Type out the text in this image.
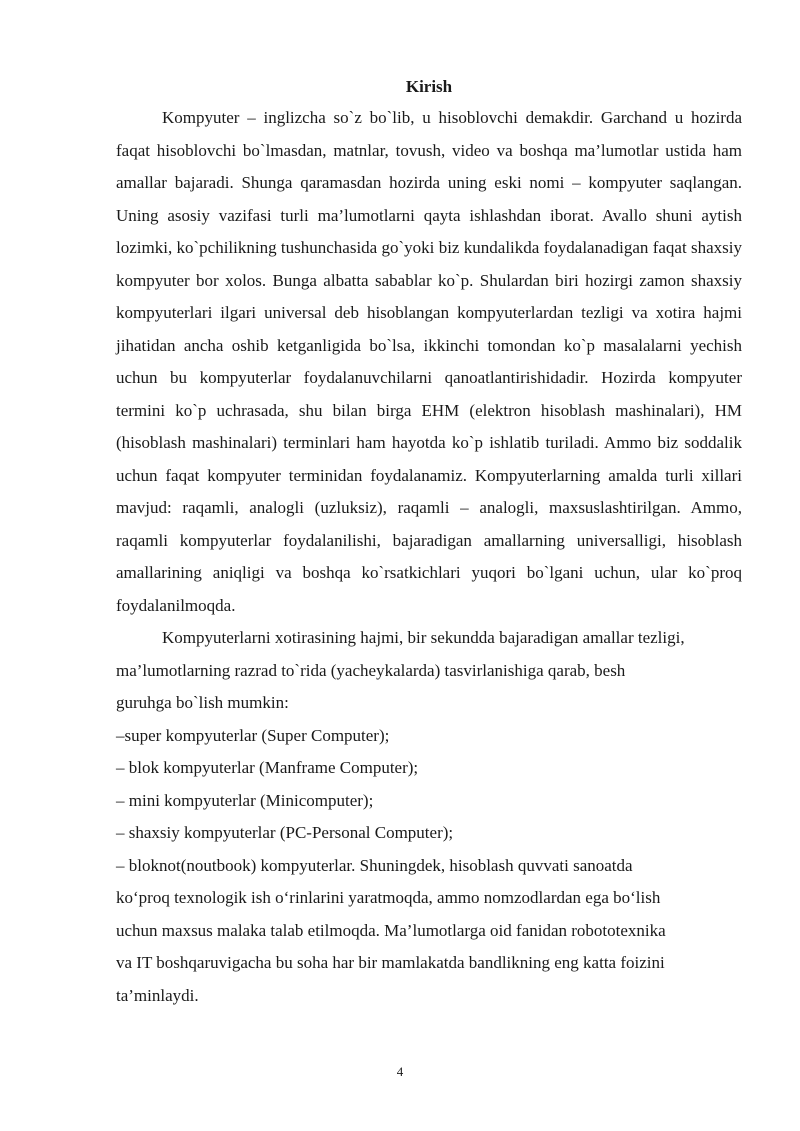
Kirish

Kompyuter – inglizcha so`z bo`lib, u hisoblovchi demakdir. Garchand u hozirda faqat hisoblovchi bo`lmasdan, matnlar, tovush, video va boshqa ma’lumotlar ustida ham amallar bajaradi. Shunga qaramasdan hozirda uning eski nomi – kompyuter saqlangan. Uning asosiy vazifasi turli ma’lumotlarni qayta ishlashdan iborat. Avallo shuni aytish lozimki, ko`pchilikning tushunchasida go`yoki biz kundalikda foydalanadigan faqat shaxsiy kompyuter bor xolos. Bunga albatta sabablar ko`p. Shulardan biri hozirgi zamon shaxsiy kompyuterlari ilgari universal deb hisoblangan kompyuterlardan tezligi va xotira hajmi jihatidan ancha oshib ketganligida bo`lsa, ikkinchi tomondan ko`p masalalarni yechish uchun bu kompyuterlar foydalanuvchilarni qanoatlantirishidadir. Hozirda kompyuter termini ko`p uchrasada, shu bilan birga EHM (elektron hisoblash mashinalari), HM (hisoblash mashinalari) terminlari ham hayotda ko`p ishlatib turiladi. Ammo biz soddalik uchun faqat kompyuter terminidan foydalanamiz. Kompyuterlarning amalda turli xillari mavjud: raqamli, analogli (uzluksiz), raqamli – analogli, maxsuslashtirilgan. Ammo, raqamli kompyuterlar foydalanilishi, bajaradigan amallarning universalligi, hisoblash amallarining aniqligi va boshqa ko`rsatkichlari yuqori bo`lgani uchun, ular ko`proq foydalanilmoqda.

Kompyuterlarni xotirasining hajmi, bir sekundda bajaradigan amallar tezligi,

ma’lumotlarning razrad to`rida (yacheykalarda) tasvirlanishiga qarab, besh

guruhga bo`lish mumkin:

–super kompyuterlar (Super Computer);

– blok kompyuterlar (Manframe Computer);

– mini kompyuterlar (Minicomputer);

– shaxsiy kompyuterlar (PC-Personal Computer);

– bloknot(noutbook) kompyuterlar. Shuningdek, hisoblash quvvati sanoatda

ko‘proq texnologik ish o‘rinlarini yaratmoqda, ammo nomzodlardan ega bo‘lish

uchun maxsus malaka talab etilmoqda. Ma’lumotlarga oid fanidan robototexnika

va IT boshqaruvigacha bu soha har bir mamlakatda bandlikning eng katta foizini

ta’minlaydi.

4
